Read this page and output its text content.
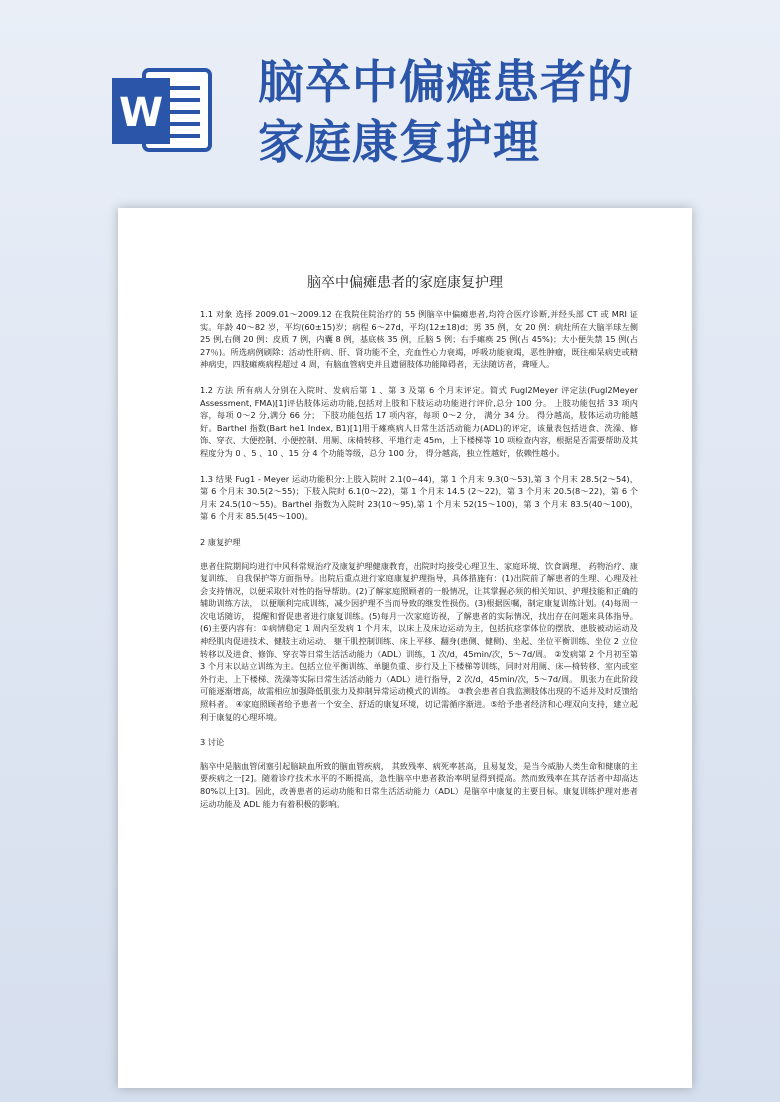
W
脑卒中偏瘫患者的
家庭康复护理
脑卒中偏瘫患者的家庭康复护理

1.1 对象 选择 2009.01～2009.12 在我院住院治疗的 55 例脑卒中偏瘫患者,均符合医疗诊断,并经头部 CT 或 MRI 证实。年龄 40～82 岁，平均(60±15)岁；病程 6～27d，平均(12±18)d；男 35 例，女 20 例：病灶所在大脑半球左侧 25 例,右侧 20 例：皮质 7 例，内囊 8 例，基底核 35 例，丘脑 5 例；右手瘫痪 25 例(占 45%)；大小便失禁 15 例(占 27％)。所选病例刷除：活动性肝病、肝、肾功能不全，充血性心力衰竭，呼吸功能衰竭，恶性肿瘤，既往痴呆病史或精神病史，四肢瘫痪病程超过 4 周，有脑血管病史并且遗留肢体功能障碍者，无法随访者，聋哑人。

1.2 方法 所有病人分别在入院时、发病后第 1 、第 3 及第 6 个月末评定。简式 Fugl2Meyer 评定法(Fugl2Meyer Assessment, FMA)[1]评估肢体运动功能,包括对上肢和下肢运动功能进行评价,总分 100 分。 上肢功能包括 33 项内容，每项 0～2 分,满分 66 分； 下肢功能包括 17 项内容，每项 0～2 分， 满分 34 分。 得分越高，肢体运动功能越好。Barthel 指数(Bart he1 Index, B1)[1]用于瘫痪病人日常生活活动能力(ADL)的评定，该量表包括进食、洗澡、修饰、穿衣、大便控制、小便控制、用厕、床椅转移、平地行走 45m，上下楼梯等 10 项检查内容，根据是否需要帮助及其程度分为 0 、5 、10 、15 分 4 个功能等级，总分 100 分， 得分越高，独立性越好，依赖性越小。

1.3 结果 Fug1 - Meyer 运动功能积分:上肢入院时 2.1(0~44)，第 1 个月末 9.3(0～53),第 3 个月末 28.5(2～54)，第 6 个月末 30.5(2～55)；下肢入院时 6.1(0～22)，第 1 个月末 14.5 (2～22)，第 3 个月末 20.5(8～22)，第 6 个月末 24.5(10～55)。Barthel 指数为入院时 23(10～95),第 1 个月末 52(15～100)，第 3 个月末 83.5(40～100)，第 6 个月末 85.5(45～100)。

2 康复护理

患者住院期间均进行中风科常规治疗及康复护理健康教育，出院时均接受心理卫生、家庭环境、饮食调理、 药物治疗、康复训练、 自我保护等方面指导。出院后重点进行家庭康复护理指导，具体措施有：(1)出院前了解患者的生理、心理及社会支持情况，以便采取针对性的指导帮助。(2)了解家庭照顾者的一般情况，让其掌握必须的相关知识、护理技能和正确的辅助训练方法， 以便顺利完成训练，减少因护理不当而导致的继发性损伤。(3)根据医嘱，制定康复训练计划。(4)每周一次电话随访， 提醒和督促患者进行康复训练。(5)每月一次家庭访视，了解患者的实际情况，找出存在问题来具体指导。(6)主要内容有：①病情稳定 1 周内至发病 1 个月末，以床上及床边运动为主，包括抗痉挛体位的摆放、患肢被动运动及神经肌肉促进技术、健肢主动运动、 躯干肌控制训练、床上平移、翻身(患侧、健侧)、坐起、坐位平衡训练、坐位 2 立位转移以及进食、修饰、穿衣等日常生活活动能力（ADL）训练，1 次/d，45min/次，5～7d/周。 ②发病第 2 个月初至第 3 个月末以站立训练为主。包括立位平衡训练、单腿负重、步行及上下楼梯等训练，同时对用厕、床—椅转移、室内或室外行走、上下楼梯、洗澡等实际日常生活活动能力（ADL）进行指导，2 次/d，45min/次，5～7d/周。 肌张力在此阶段可能逐渐增高，故需相应加强降低肌张力及抑制异常运动模式的训练。 ③教会患者自我监测肢体出现的不适并及时反馈给照料者。 ④家庭照顾者给予患者一个安全、舒适的康复环境，切记需循序渐进。⑤给予患者经济和心理双向支持，建立起利于康复的心理环境。

3 讨论

脑卒中是脑血管闭塞引起脑缺血所致的脑血管疾病， 其致残率、病死率甚高，且易复发，是当今威胁人类生命和健康的主要疾病之一[2]。随着诊疗技术水平的不断提高，急性脑卒中患者救治率明显得到提高。然而致残率在其存活者中却高达 80%以上[3]。因此，改善患者的运动功能和日常生活活动能力（ADL）是脑卒中康复的主要目标。康复训练护理对患者运动功能及 ADL 能力有着积极的影响。
